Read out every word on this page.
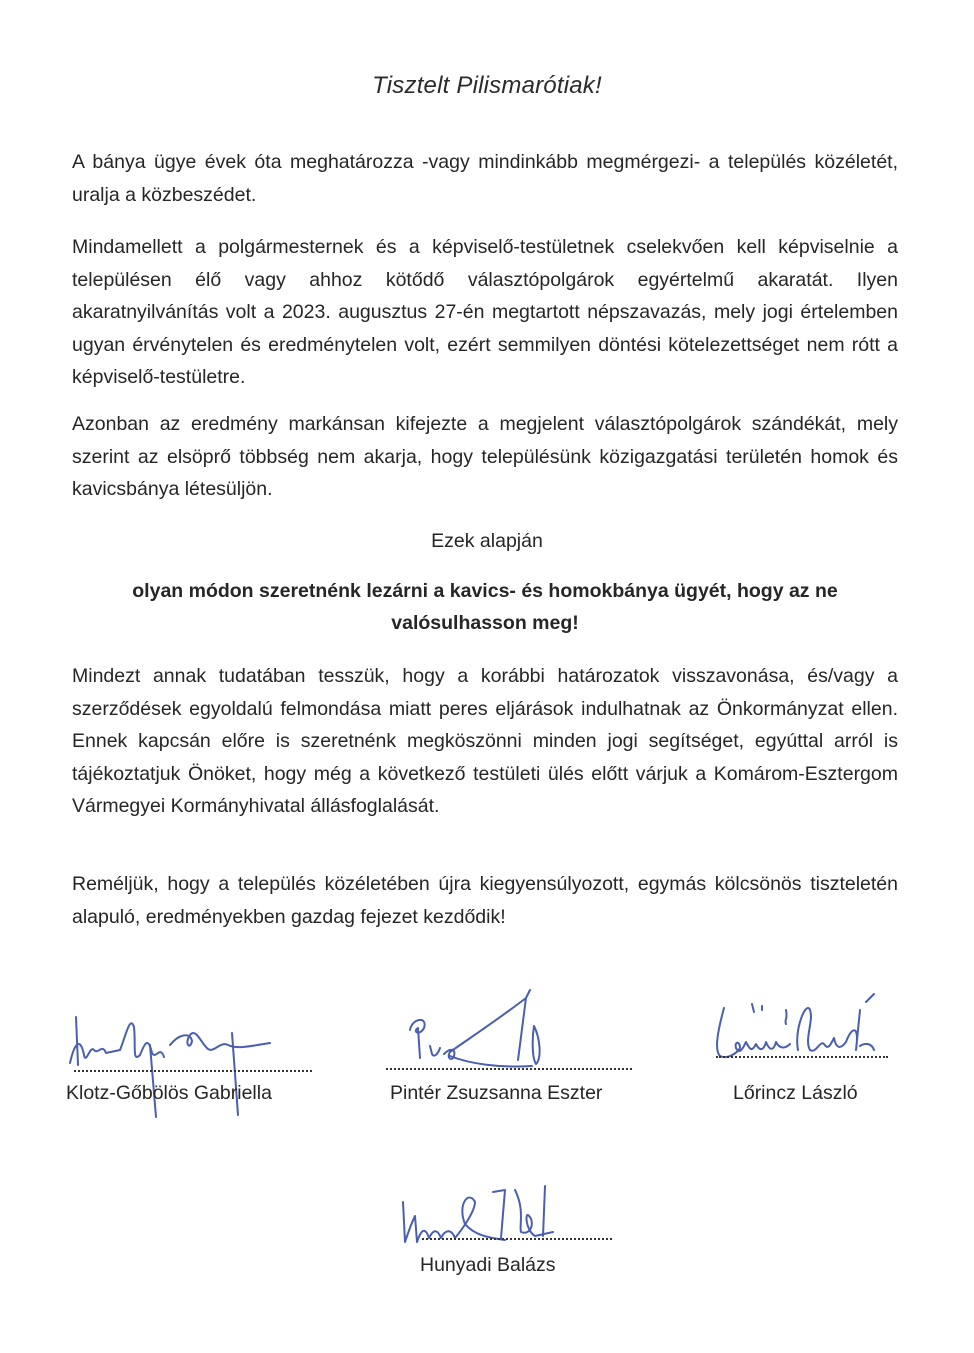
Tisztelt Pilismarótiak!

A bánya ügye évek óta meghatározza -vagy mindinkább megmérgezi- a település közéletét, uralja a közbeszédet.

Mindamellett a polgármesternek és a képviselő-testületnek cselekvően kell képviselnie a településen élő vagy ahhoz kötődő választópolgárok egyértelmű akaratát. Ilyen akaratnyilvánítás volt a 2023. augusztus 27-én megtartott népszavazás, mely jogi értelemben ugyan érvénytelen és eredménytelen volt, ezért semmilyen döntési kötelezettséget nem rótt a képviselő-testületre.

Azonban az eredmény markánsan kifejezte a megjelent választópolgárok szándékát, mely szerint az elsöprő többség nem akarja, hogy településünk közigazgatási területén homok és kavicsbánya létesüljön.

Ezek alapján
olyan módon szeretnénk lezárni a kavics- és homokbánya ügyét, hogy az ne valósulhasson meg!

Mindezt annak tudatában tesszük, hogy a korábbi határozatok visszavonása, és/vagy a szerződések egyoldalú felmondása miatt peres eljárások indulhatnak az Önkormányzat ellen. Ennek kapcsán előre is szeretnénk megköszönni minden jogi segítséget, egyúttal arról is tájékoztatjuk Önöket, hogy még a következő testületi ülés előtt várjuk a Komárom-Esztergom Vármegyei Kormányhivatal állásfoglalását.

Reméljük, hogy a település közéletében újra kiegyensúlyozott, egymás kölcsönös tiszteletén alapuló, eredményekben gazdag fejezet kezdődik!

Klotz-Gőbölös Gabriella	Pintér Zsuzsanna Eszter	Lőrincz László
Hunyadi Balázs
